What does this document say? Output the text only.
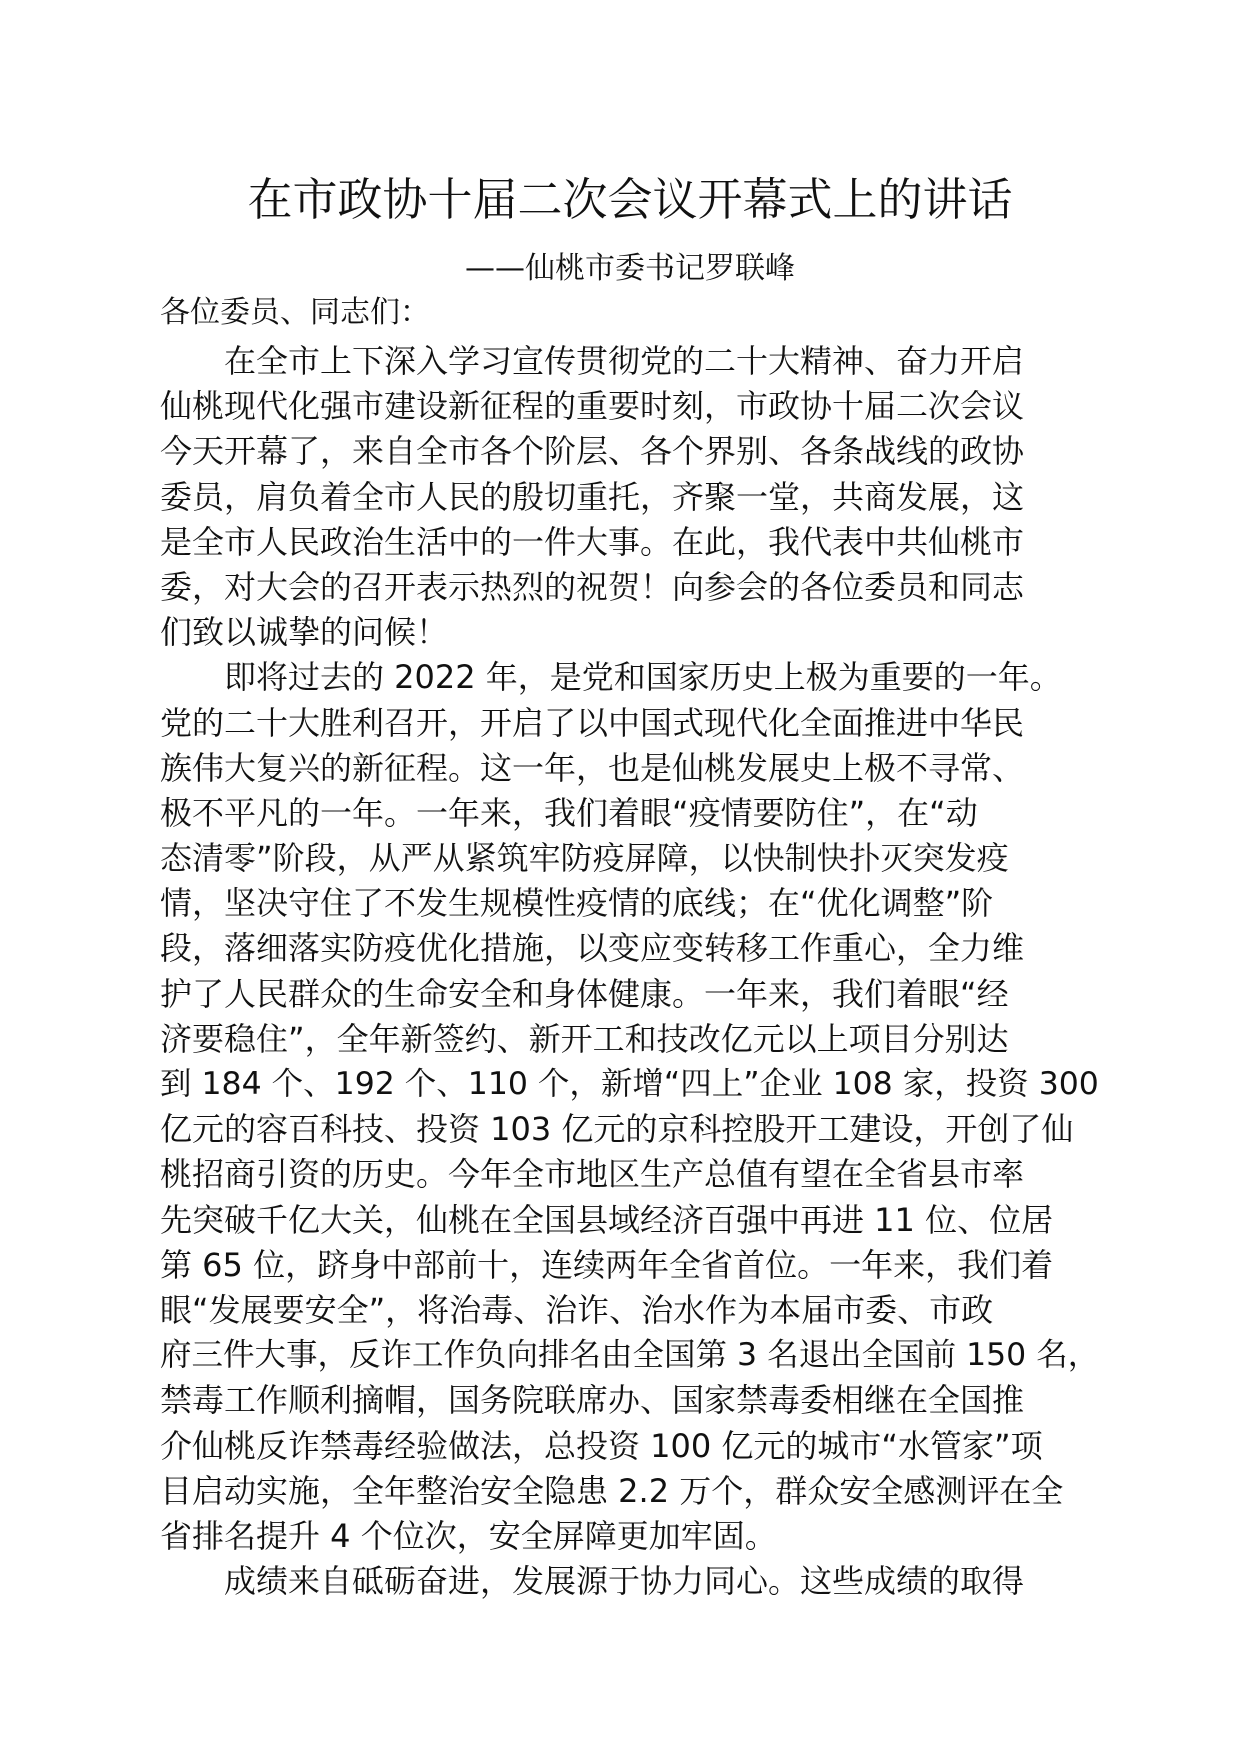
在市政协十届二次会议开幕式上的讲话
——仙桃市委书记罗联峰
各位委员、同志们：
在全市上下深入学习宣传贯彻党的二十大精神、奋力开启
仙桃现代化强市建设新征程的重要时刻，市政协十届二次会议
今天开幕了，来自全市各个阶层、各个界别、各条战线的政协
委员，肩负着全市人民的殷切重托，齐聚一堂，共商发展，这
是全市人民政治生活中的一件大事。在此，我代表中共仙桃市
委，对大会的召开表示热烈的祝贺！向参会的各位委员和同志
们致以诚挚的问候！
即将过去的 2022 年，是党和国家历史上极为重要的一年。
党的二十大胜利召开，开启了以中国式现代化全面推进中华民
族伟大复兴的新征程。这一年，也是仙桃发展史上极不寻常、
极不平凡的一年。一年来，我们着眼“疫情要防住”，在“动
态清零”阶段，从严从紧筑牢防疫屏障，以快制快扑灭突发疫
情，坚决守住了不发生规模性疫情的底线；在“优化调整”阶
段，落细落实防疫优化措施，以变应变转移工作重心，全力维
护了人民群众的生命安全和身体健康。一年来，我们着眼“经
济要稳住”，全年新签约、新开工和技改亿元以上项目分别达
到 184 个、192 个、110 个，新增“四上”企业 108 家，投资 300
亿元的容百科技、投资 103 亿元的京科控股开工建设，开创了仙
桃招商引资的历史。今年全市地区生产总值有望在全省县市率
先突破千亿大关，仙桃在全国县域经济百强中再进 11 位、位居
第 65 位，跻身中部前十，连续两年全省首位。一年来，我们着
眼“发展要安全”，将治毒、治诈、治水作为本届市委、市政
府三件大事，反诈工作负向排名由全国第 3 名退出全国前 150 名，
禁毒工作顺利摘帽，国务院联席办、国家禁毒委相继在全国推
介仙桃反诈禁毒经验做法，总投资 100 亿元的城市“水管家”项
目启动实施，全年整治安全隐患 2.2 万个，群众安全感测评在全
省排名提升 4 个位次，安全屏障更加牢固。
成绩来自砥砺奋进，发展源于协力同心。这些成绩的取得
